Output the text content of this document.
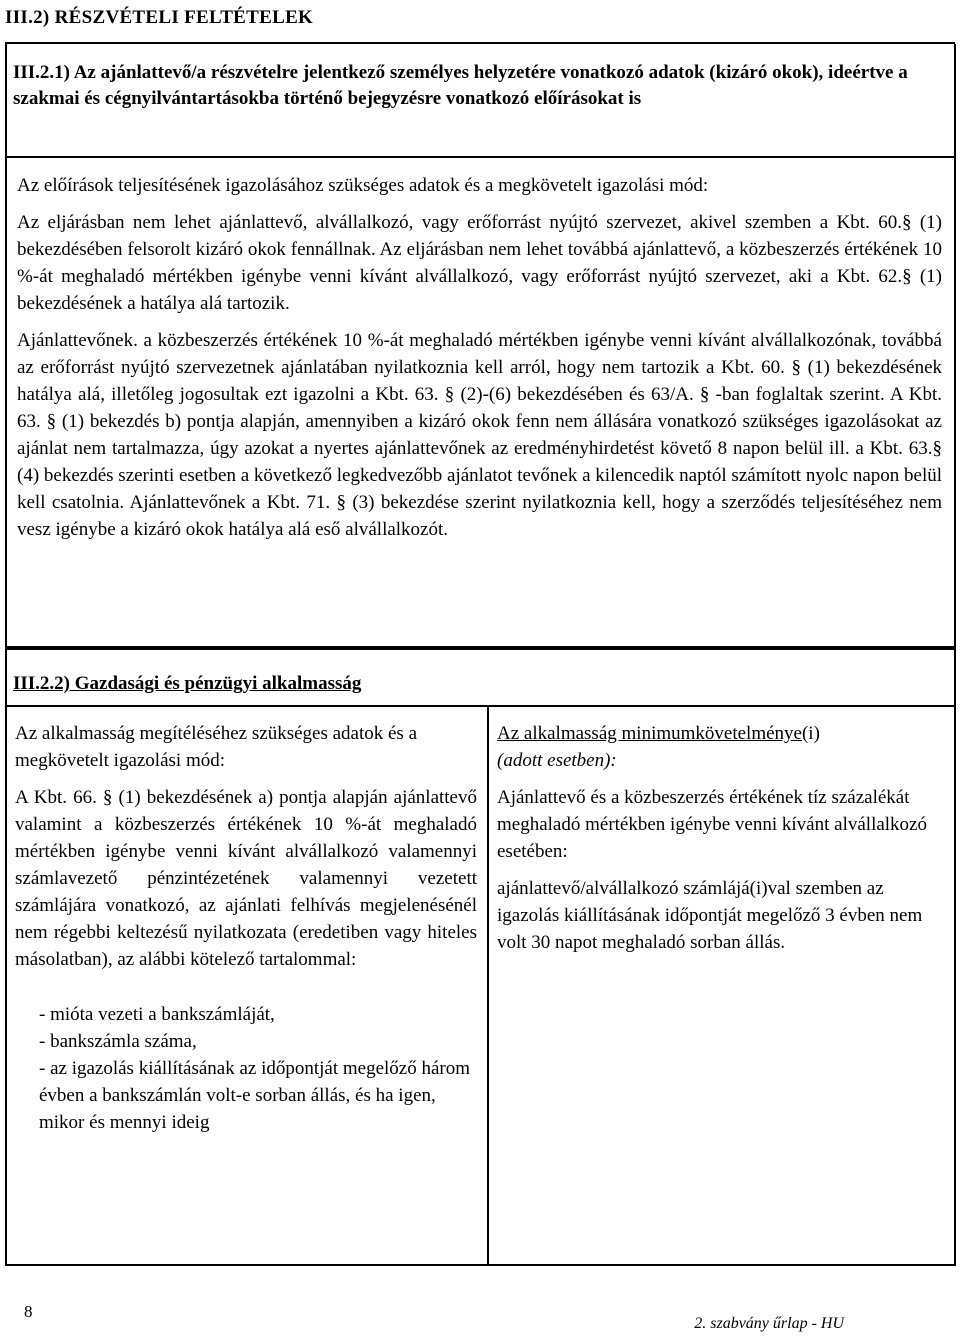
III.2) RÉSZVÉTELI FELTÉTELEK
III.2.1) Az ajánlattevő/a részvételre jelentkező személyes helyzetére vonatkozó adatok (kizáró okok), ideértve a szakmai és cégnyilvántartásokba történő bejegyzésre vonatkozó előírásokat is

Az előírások teljesítésének igazolásához szükséges adatok és a megkövetelt igazolási mód:

Az eljárásban nem lehet ajánlattevő, alvállalkozó, vagy erőforrást nyújtó szervezet, akivel szemben a Kbt. 60.§ (1) bekezdésében felsorolt kizáró okok fennállnak. Az eljárásban nem lehet továbbá ajánlattevő, a közbeszerzés értékének 10 %-át meghaladó mértékben igénybe venni kívánt alvállalkozó, vagy erőforrást nyújtó szervezet, aki a Kbt. 62.§ (1) bekezdésének a hatálya alá tartozik.

Ajánlattevőnek. a közbeszerzés értékének 10 %-át meghaladó mértékben igénybe venni kívánt alvállalkozónak, továbbá az erőforrást nyújtó szervezetnek ajánlatában nyilatkoznia kell arról, hogy nem tartozik a Kbt. 60. § (1) bekezdésének hatálya alá, illetőleg jogosultak ezt igazolni a Kbt. 63. § (2)-(6) bekezdésében és 63/A. § -ban foglaltak szerint. A Kbt. 63. § (1) bekezdés b) pontja alapján, amennyiben a kizáró okok fenn nem állására vonatkozó szükséges igazolásokat az ajánlat nem tartalmazza, úgy azokat a nyertes ajánlattevőnek az eredményhirdetést követő 8 napon belül ill. a Kbt. 63.§ (4) bekezdés szerinti esetben a következő legkedvezőbb ajánlatot tevőnek a kilencedik naptól számított nyolc napon belül kell csatolnia. Ajánlattevőnek a Kbt. 71. § (3) bekezdése szerint nyilatkoznia kell, hogy a szerződés teljesítéséhez nem vesz igénybe a kizáró okok hatálya alá eső alvállalkozót.

III.2.2) Gazdasági és pénzügyi alkalmasság

Az alkalmasság megítéléséhez szükséges adatok és a megkövetelt igazolási mód:

A Kbt. 66. § (1) bekezdésének a) pontja alapján ajánlattevő valamint a közbeszerzés értékének 10 %-át meghaladó mértékben igénybe venni kívánt alvállalkozó valamennyi számlavezető pénzintézetének valamennyi vezetett számlájára vonatkozó, az ajánlati felhívás megjelenésénél nem régebbi keltezésű nyilatkozata (eredetiben vagy hiteles másolatban), az alábbi kötelező tartalommal:

- mióta vezeti a bankszámláját,

- bankszámla száma,

- az igazolás kiállításának az időpontját megelőző három évben a bankszámlán volt-e sorban állás, és ha igen, mikor és mennyi ideig

Az alkalmasság minimumkövetelménye(i)

(adott esetben):

Ajánlattevő és a közbeszerzés értékének tíz százalékát meghaladó mértékben igénybe venni kívánt alvállalkozó esetében:

ajánlattevő/alvállalkozó számlájá(i)val szemben az igazolás kiállításának időpontját megelőző 3 évben nem volt 30 napot meghaladó sorban állás.

8
2. szabvány űrlap - HU
